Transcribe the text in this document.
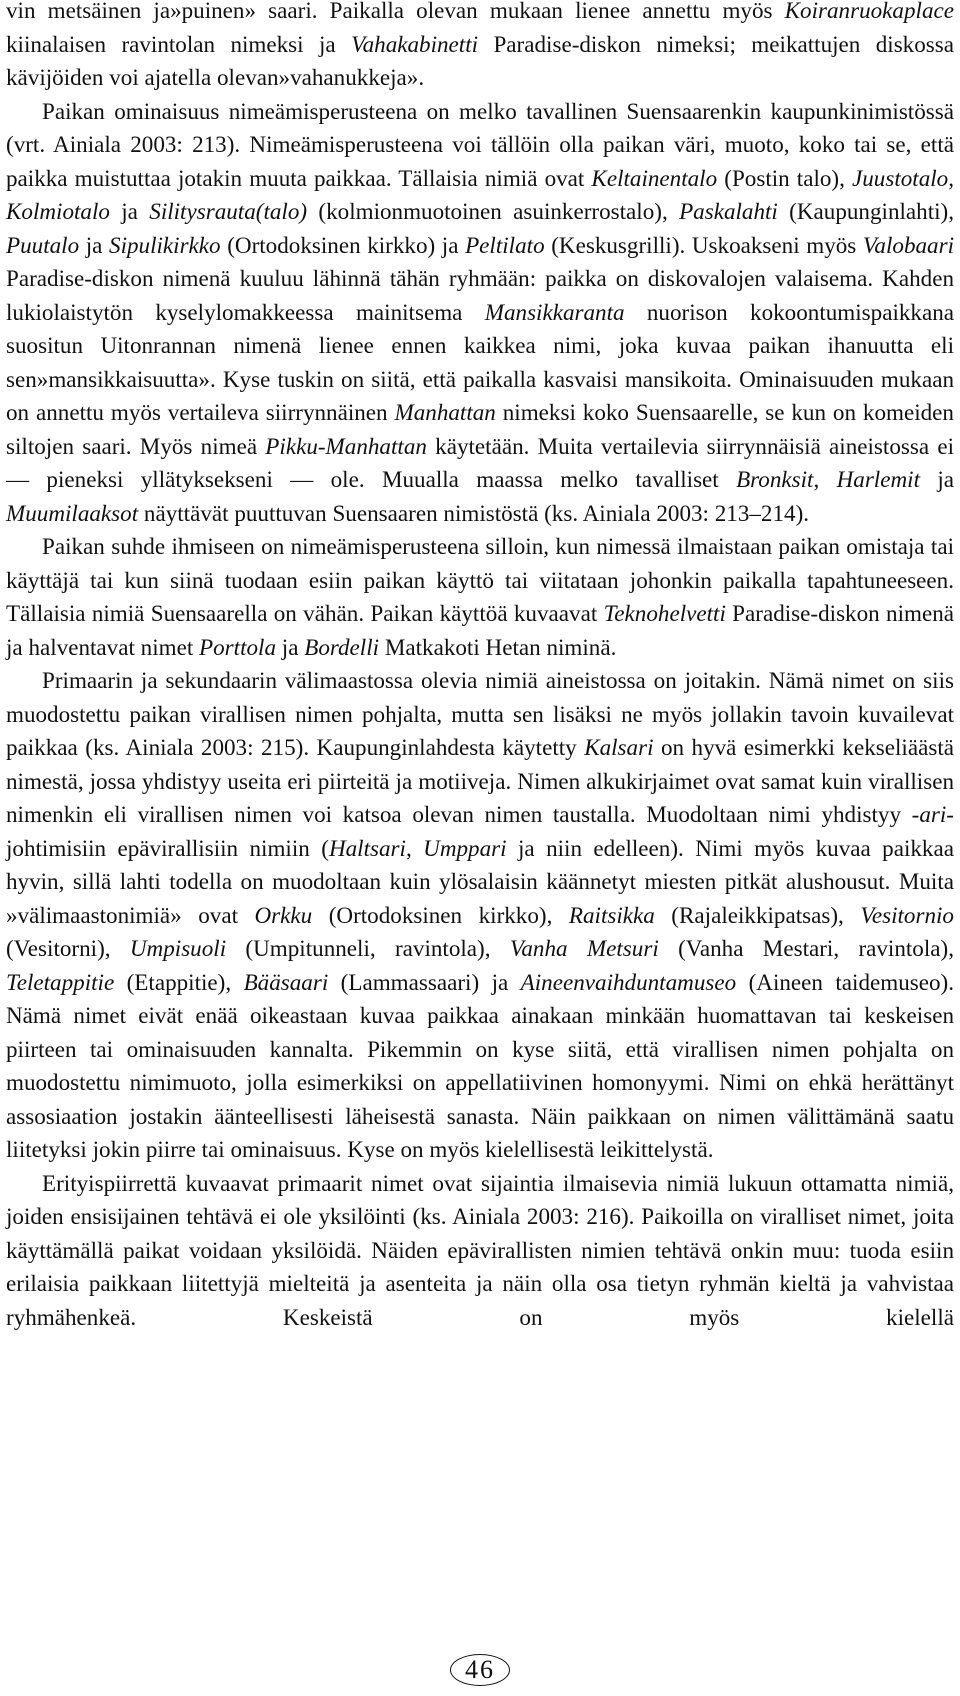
vin metsäinen ja»puinen» saari. Paikalla olevan mukaan lienee annettu myös Koiranruokaplace kiinalaisen ravintolan nimeksi ja Vahakabinetti Paradise-diskon nimeksi; meikattujen diskossa kävijöiden voi ajatella olevan»vahanukkeja».

Paikan ominaisuus nimeämisperusteena on melko tavallinen Suensaarenkin kaupunkinimistössä (vrt. Ainiala 2003: 213). Nimeämisperusteena voi tällöin olla paikan väri, muoto, koko tai se, että paikka muistuttaa jotakin muuta paikkaa. Tällaisia nimiä ovat Keltainentalo (Postin talo), Juustotalo, Kolmiotalo ja Silitysrauta(talo) (kolmionmuotoinen asuinkerrostalo), Paskalahti (Kaupunginlahti), Puutalo ja Sipulikirkko (Ortodoksinen kirkko) ja Peltilato (Keskusgrilli). Uskoakseni myös Valobaari Paradise-diskon nimenä kuuluu lähinnä tähän ryhmään: paikka on diskovalojen valaisema. Kahden lukiolaistytön kyselylomakkeessa mainitsema Mansikkaranta nuorison kokoontumispaikkana suositun Uitonrannan nimenä lienee ennen kaikkea nimi, joka kuvaa paikan ihanuutta eli sen»mansikkaisuutta». Kyse tuskin on siitä, että paikalla kasvaisi mansikoita. Ominaisuuden mukaan on annettu myös vertaileva siirrynnäinen Manhattan nimeksi koko Suensaarelle, se kun on komeiden siltojen saari. Myös nimeä Pikku-Manhattan käytetään. Muita vertailevia siirrynnäisiä aineistossa ei — pieneksi yllätyksekseni — ole. Muualla maassa melko tavalliset Bronksit, Harlemit ja Muumilaaksot näyttävät puuttuvan Suensaaren nimistöstä (ks. Ainiala 2003: 213–214).

Paikan suhde ihmiseen on nimeämisperusteena silloin, kun nimessä ilmaistaan paikan omistaja tai käyttäjä tai kun siinä tuodaan esiin paikan käyttö tai viitataan johonkin paikalla tapahtuneeseen. Tällaisia nimiä Suensaarella on vähän. Paikan käyttöä kuvaavat Teknohelvetti Paradise-diskon nimenä ja halventavat nimet Porttola ja Bordelli Matkakoti Hetan niminä.

Primaarin ja sekundaarin välimaastossa olevia nimiä aineistossa on joitakin. Nämä nimet on siis muodostettu paikan virallisen nimen pohjalta, mutta sen lisäksi ne myös jollakin tavoin kuvailevat paikkaa (ks. Ainiala 2003: 215). Kaupunginlahdesta käytetty Kalsari on hyvä esimerkki kekseliäästä nimestä, jossa yhdistyy useita eri piirteitä ja motiiveja. Nimen alkukirjaimet ovat samat kuin virallisen nimenkin eli virallisen nimen voi katsoa olevan nimen taustalla. Muodoltaan nimi yhdistyy -ari-johtimisiin epävirallisiin nimiin (Haltsari, Umppari ja niin edelleen). Nimi myös kuvaa paikkaa hyvin, sillä lahti todella on muodoltaan kuin ylösalaisin käännetyt miesten pitkät alushousut. Muita »välimaastonimiä» ovat Orkku (Ortodoksinen kirkko), Raitsikka (Rajaleikkipatsas), Vesitornio (Vesitorni), Umpisuoli (Umpitunneli, ravintola), Vanha Metsuri (Vanha Mestari, ravintola), Teletappitie (Etappitie), Bääsaari (Lammassaari) ja Aineenvaihduntamuseo (Aineen taidemuseo). Nämä nimet eivät enää oikeastaan kuvaa paikkaa ainakaan minkään huomattavan tai keskeisen piirteen tai ominaisuuden kannalta. Pikemmin on kyse siitä, että virallisen nimen pohjalta on muodostettu nimimuoto, jolla esimerkiksi on appellatiivinen homonyymi. Nimi on ehkä herättänyt assosiaation jostakin äänteellisesti läheisestä sanasta. Näin paikkaan on nimen välittämänä saatu liitetyksi jokin piirre tai ominaisuus. Kyse on myös kielellisestä leikittelystä.

Erityispiirrettä kuvaavat primaarit nimet ovat sijaintia ilmaisevia nimiä lukuun ottamatta nimiä, joiden ensisijainen tehtävä ei ole yksilöinti (ks. Ainiala 2003: 216). Paikoilla on viralliset nimet, joita käyttämällä paikat voidaan yksilöidä. Näiden epävirallisten nimien tehtävä onkin muu: tuoda esiin erilaisia paikkaan liitettyjä mielteitä ja asenteita ja näin olla osa tietyn ryhmän kieltä ja vahvistaa ryhmähenkeä. Keskeistä on myös kielellä

46
